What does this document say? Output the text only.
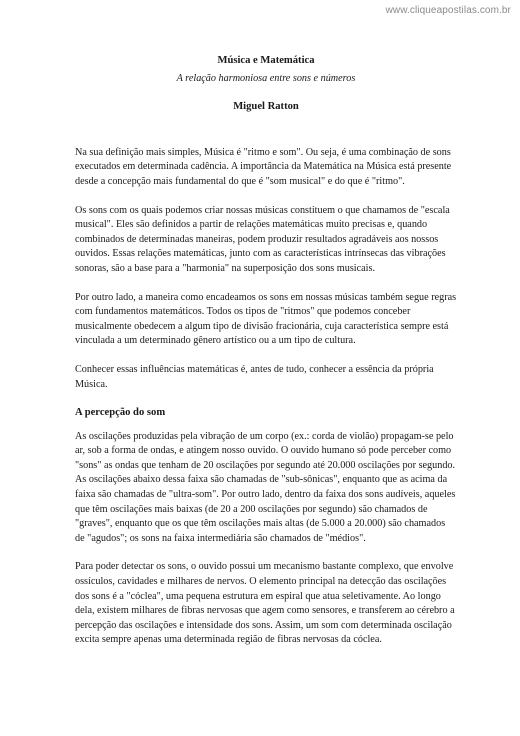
www.cliqueapostilas.com.br

Música e Matemática

A relação harmoniosa entre sons e números

Miguel Ratton

Na sua definição mais simples, Música é "ritmo e som". Ou seja, é uma combinação de sons executados em determinada cadência. A importância da Matemática na Música está presente desde a concepção mais fundamental do que é "som musical" e do que é "ritmo".

Os sons com os quais podemos criar nossas músicas constituem o que chamamos de "escala musical". Eles são definidos a partir de relações matemáticas muito precisas e, quando combinados de determinadas maneiras, podem produzir resultados agradáveis aos nossos ouvidos. Essas relações matemáticas, junto com as características intrínsecas das vibrações sonoras, são a base para a "harmonia" na superposição dos sons musicais.

Por outro lado, a maneira como encadeamos os sons em nossas músicas também segue regras com fundamentos matemáticos. Todos os tipos de "ritmos" que podemos conceber musicalmente obedecem a algum tipo de divisão fracionária, cuja característica sempre está vinculada a um determinado gênero artístico ou a um tipo de cultura.

Conhecer essas influências matemáticas é, antes de tudo, conhecer a essência da própria Música.

A percepção do som

As oscilações produzidas pela vibração de um corpo (ex.: corda de violão) propagam-se pelo ar, sob a forma de ondas, e atingem nosso ouvido. O ouvido humano só pode perceber como "sons" as ondas que tenham de 20 oscilações por segundo até 20.000 oscilações por segundo. As oscilações abaixo dessa faixa são chamadas de "sub-sônicas", enquanto que as acima da faixa são chamadas de "ultra-som". Por outro lado, dentro da faixa dos sons audíveis, aqueles que têm oscilações mais baixas (de 20 a 200 oscilações por segundo) são chamados de "graves", enquanto que os que têm oscilações mais altas (de 5.000 a 20.000) são chamados de "agudos"; os sons na faixa intermediária são chamados de "médios".

Para poder detectar os sons, o ouvido possui um mecanismo bastante complexo, que envolve ossículos, cavidades e milhares de nervos. O elemento principal na detecção das oscilações dos sons é a "cóclea", uma pequena estrutura em espiral que atua seletivamente. Ao longo dela, existem milhares de fibras nervosas que agem como sensores, e transferem ao cérebro a percepção das oscilações e intensidade dos sons. Assim, um som com determinada oscilação excita sempre apenas uma determinada região de fibras nervosas da cóclea.
